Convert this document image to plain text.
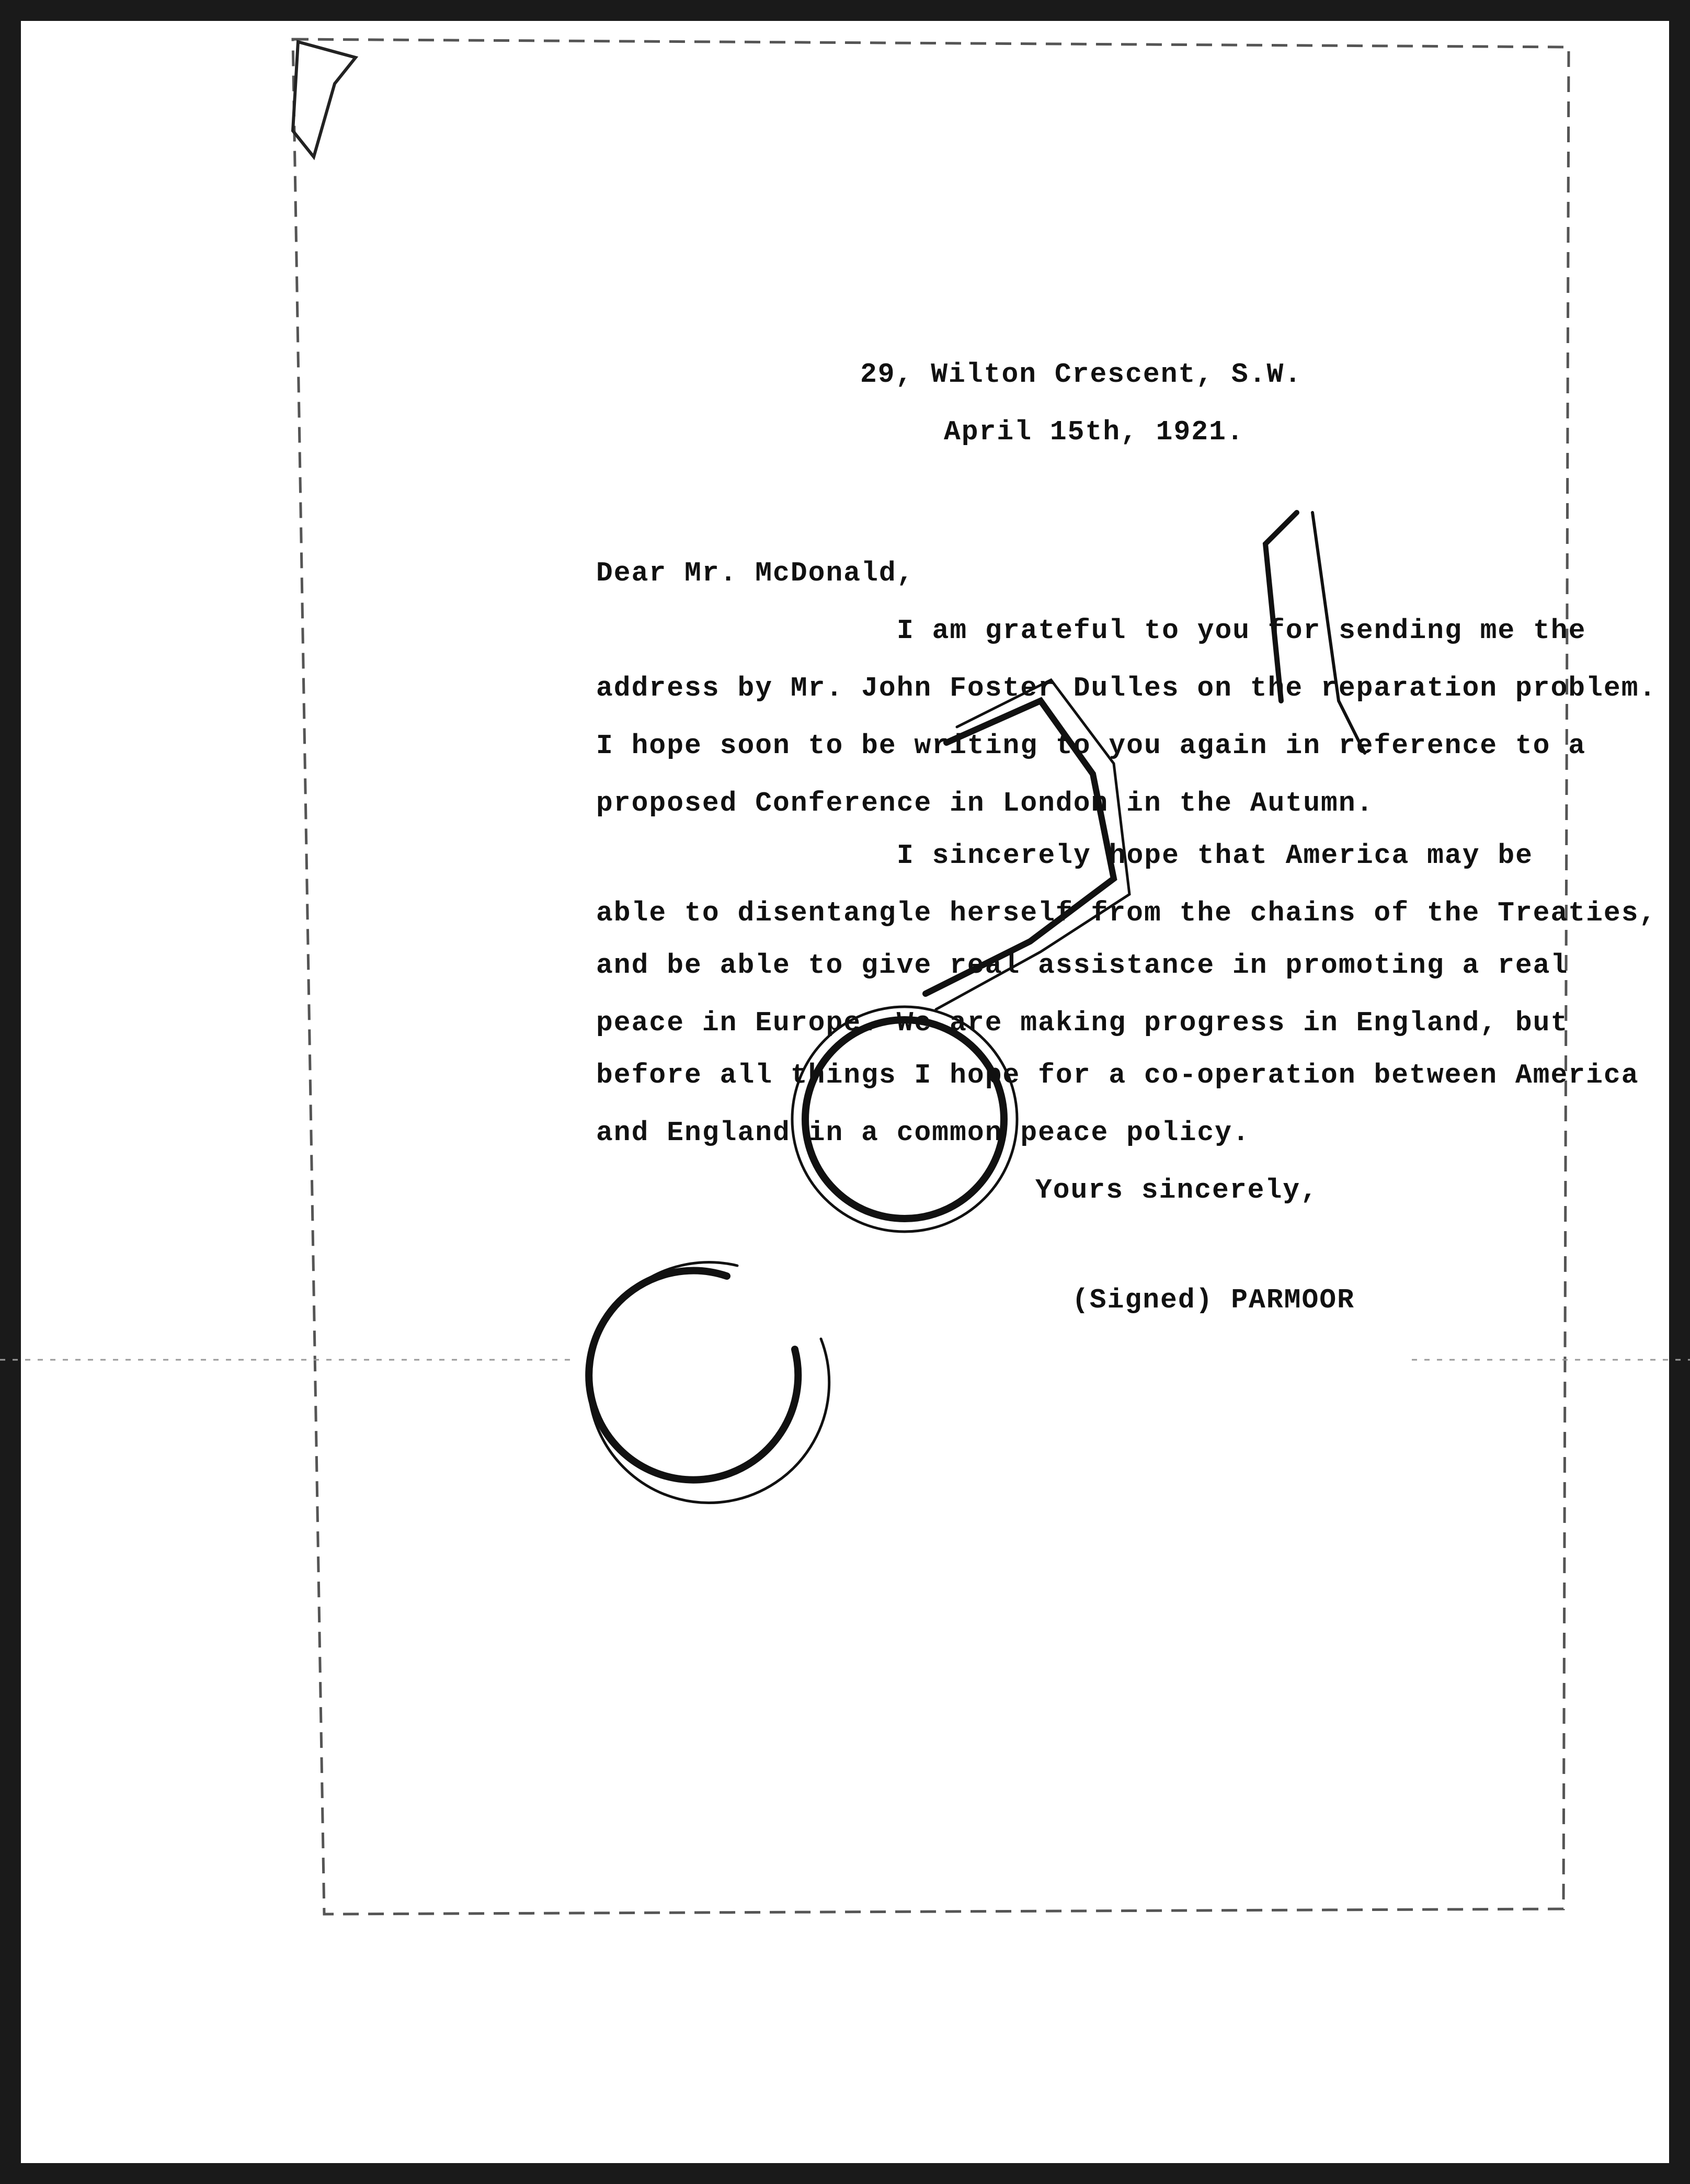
29, Wilton Crescent, S.W.

April 15th, 1921.

Dear Mr. McDonald,

I am grateful to you for sending me the

address by Mr. John Foster Dulles on the reparation problem.

I hope soon to be writing to you again in reference to a

proposed Conference in London in the Autumn.

I sincerely hope that America may be

able to disentangle herself from the chains of the Treaties,

and be able to give real assistance in promoting a real

peace in Europe. We are making progress in England, but

before all things I hope for a co-operation between America

and England in a common peace policy.

Yours sincerely,

(Signed) PARMOOR
